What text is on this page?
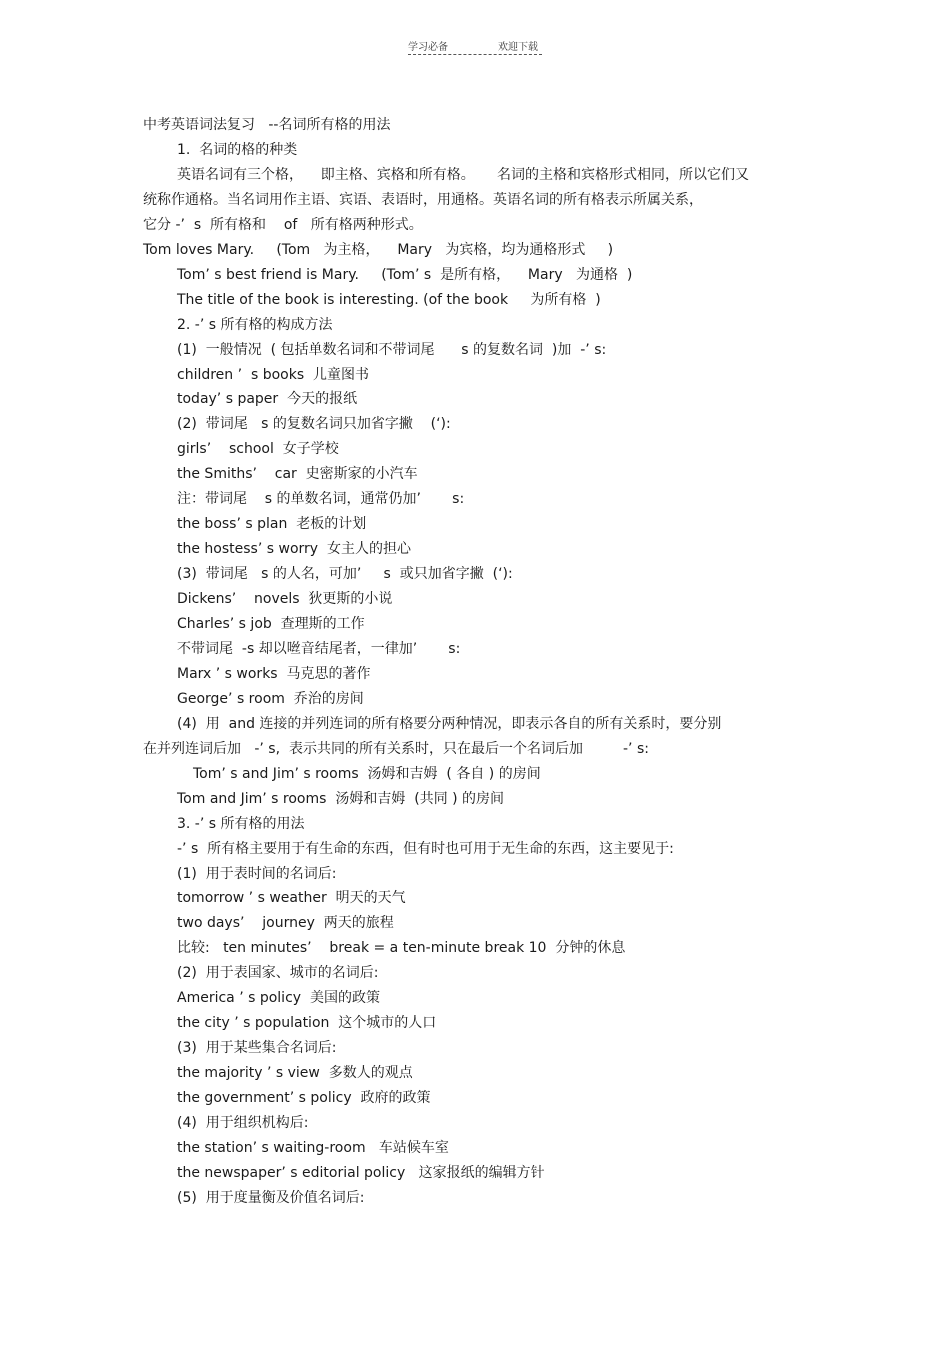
学习必备	欢迎下载
中考英语词法复习   --名词所有格的用法
1.  名词的格的种类
英语名词有三个格，    即主格、宾格和所有格。     名词的主格和宾格形式相同，所以它们又
统称作通格。当名词用作主语、宾语、表语时，用通格。英语名词的所有格表示所属关系，
它分 -’  s  所有格和    of   所有格两种形式。
Tom loves Mary.     (Tom   为主格，    Mary   为宾格，均为通格形式     )
Tom’ s best friend is Mary.     (Tom’ s  是所有格，    Mary   为通格  )
The title of the book is interesting. (of the book     为所有格  )
2. -’ s 所有格的构成方法
(1)  一般情况  ( 包括单数名词和不带词尾      s 的复数名词  )加  -’ s:
children ’  s books  儿童图书
today’ s paper  今天的报纸
(2)  带词尾   s 的复数名词只加省字撇    (‘):
girls’    school  女子学校
the Smiths’    car  史密斯家的小汽车
注：带词尾    s 的单数名词，通常仍加’       s:
the boss’ s plan  老板的计划
the hostess’ s worry  女主人的担心
(3)  带词尾   s 的人名，可加’     s  或只加省字撇  (‘):
Dickens’    novels  狄更斯的小说
Charles’ s job  查理斯的工作
不带词尾  -s 却以咝音结尾者，一律加’       s:
Marx ’ s works  马克思的著作
George’ s room  乔治的房间
(4)  用  and 连接的并列连词的所有格要分两种情况，即表示各自的所有关系时，要分别
在并列连词后加   -’ s,  表示共同的所有关系时，只在最后一个名词后加         -’ s:
Tom’ s and Jim’ s rooms  汤姆和吉姆  ( 各自 ) 的房间
Tom and Jim’ s rooms  汤姆和吉姆  (共同 ) 的房间
3. -’ s 所有格的用法
-’ s  所有格主要用于有生命的东西，但有时也可用于无生命的东西，这主要见于:
(1)  用于表时间的名词后:
tomorrow ’ s weather  明天的天气
two days’    journey  两天的旅程
比较:   ten minutes’    break = a ten-minute break 10  分钟的休息
(2)  用于表国家、城市的名词后:
America ’ s policy  美国的政策
the city ’ s population  这个城市的人口
(3)  用于某些集合名词后:
the majority ’ s view  多数人的观点
the government’ s policy  政府的政策
(4)  用于组织机构后:
the station’ s waiting-room   车站候车室
the newspaper’ s editorial policy   这家报纸的编辑方针
(5)  用于度量衡及价值名词后:
